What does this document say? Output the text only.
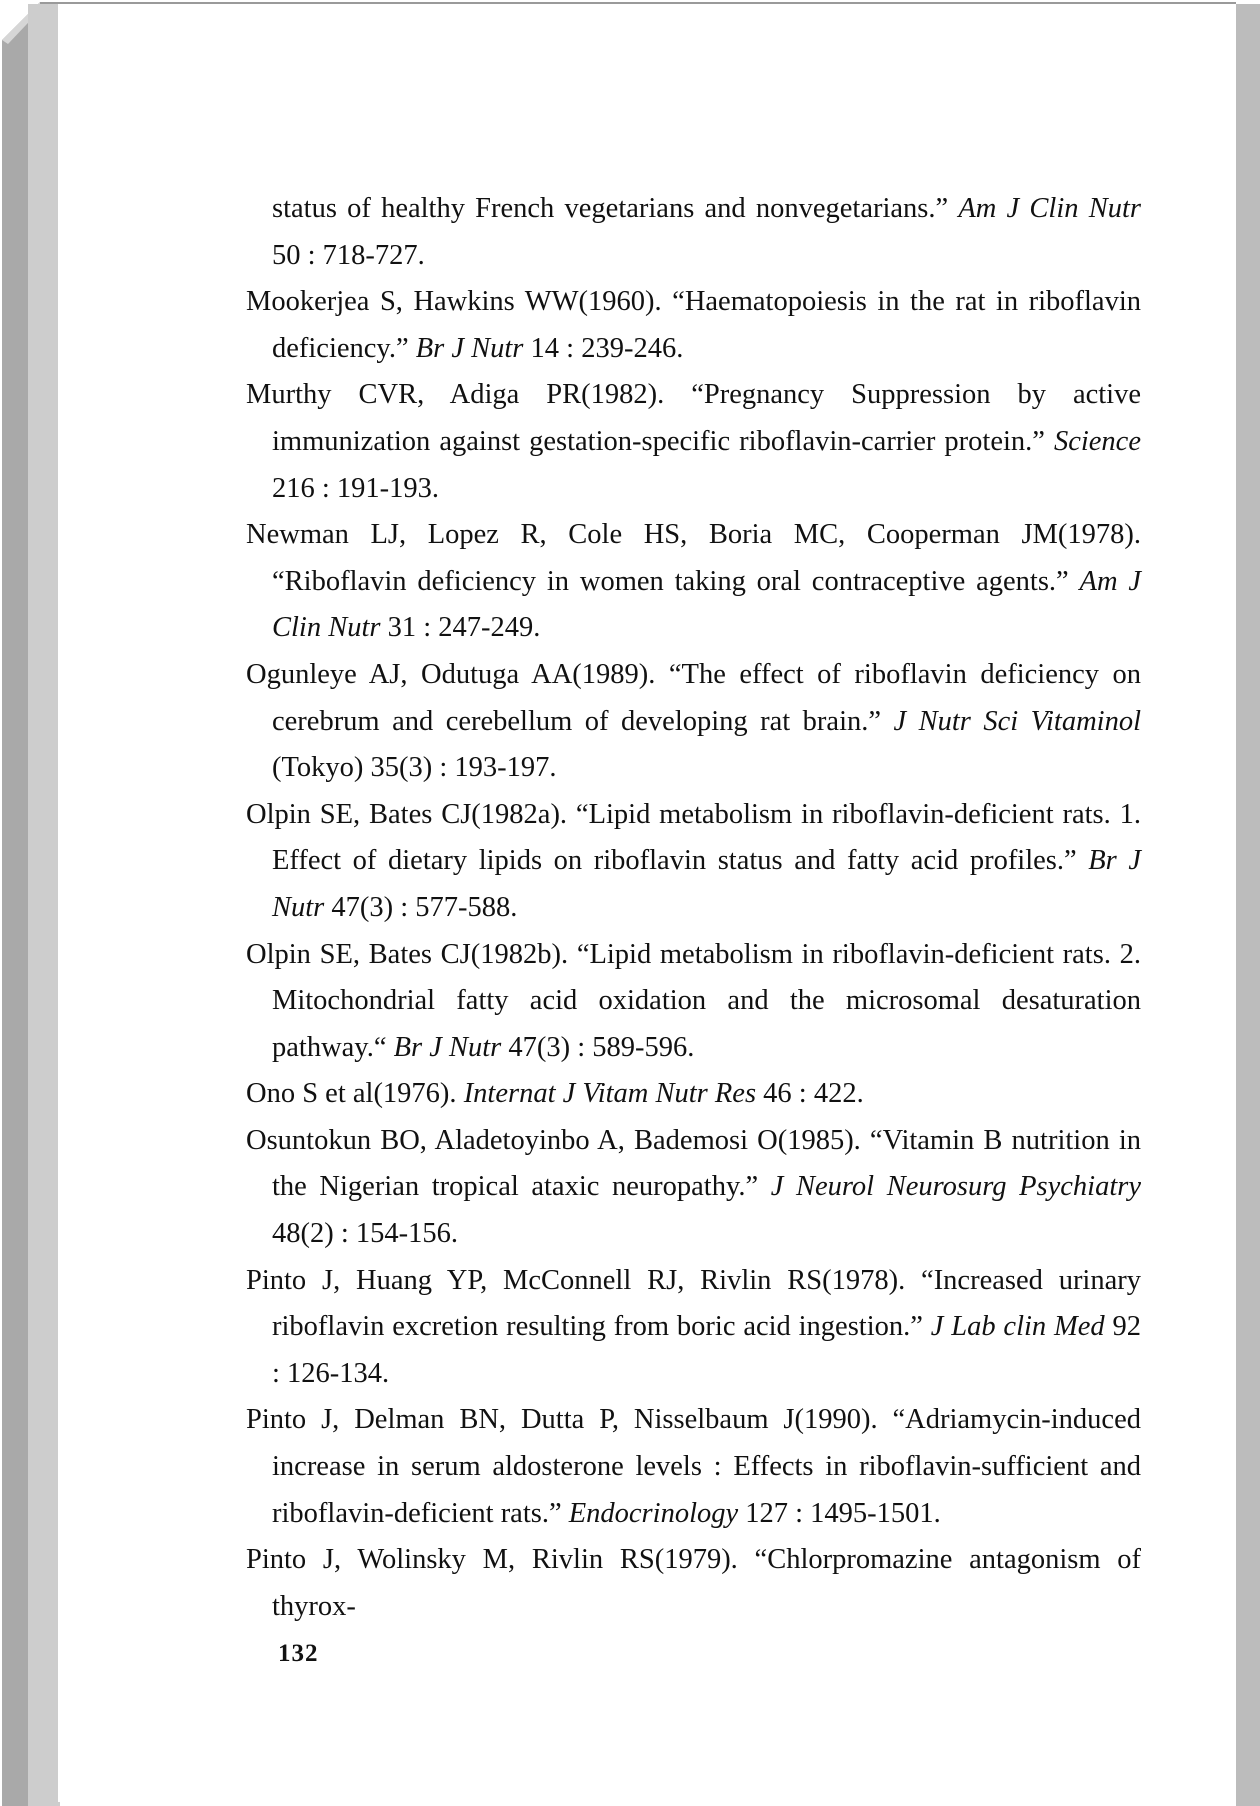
status of healthy French vegetarians and nonvegetarians.” Am J Clin Nutr 50 : 718-727.
Mookerjea S, Hawkins WW(1960). “Haematopoiesis in the rat in riboflavin deficiency.” Br J Nutr 14 : 239-246.
Murthy CVR, Adiga PR(1982). “Pregnancy Suppression by active immunization against gestation-specific riboflavin-carrier protein.” Science 216 : 191-193.
Newman LJ, Lopez R, Cole HS, Boria MC, Cooperman JM(1978). “Riboflavin deficiency in women taking oral contraceptive agents.” Am J Clin Nutr 31 : 247-249.
Ogunleye AJ, Odutuga AA(1989). “The effect of riboflavin deficiency on cerebrum and cerebellum of developing rat brain.” J Nutr Sci Vitaminol (Tokyo) 35(3) : 193-197.
Olpin SE, Bates CJ(1982a). “Lipid metabolism in riboflavin-deficient rats. 1. Effect of dietary lipids on riboflavin status and fatty acid profiles.” Br J Nutr 47(3) : 577-588.
Olpin SE, Bates CJ(1982b). “Lipid metabolism in riboflavin-deficient rats. 2. Mitochondrial fatty acid oxidation and the microsomal desaturation pathway.“ Br J Nutr 47(3) : 589-596.
Ono S et al(1976). Internat J Vitam Nutr Res 46 : 422.
Osuntokun BO, Aladetoyinbo A, Bademosi O(1985). “Vitamin B nutrition in the Nigerian tropical ataxic neuropathy.” J Neurol Neurosurg Psychiatry 48(2) : 154-156.
Pinto J, Huang YP, McConnell RJ, Rivlin RS(1978). “Increased urinary riboflavin excretion resulting from boric acid ingestion.” J Lab clin Med 92 : 126-134.
Pinto J, Delman BN, Dutta P, Nisselbaum J(1990). “Adriamycin-induced increase in serum aldosterone levels : Effects in riboflavin-sufficient and riboflavin-deficient rats.” Endocrinology 127 : 1495-1501.
Pinto J, Wolinsky M, Rivlin RS(1979). “Chlorpromazine antagonism of thyrox-
132
